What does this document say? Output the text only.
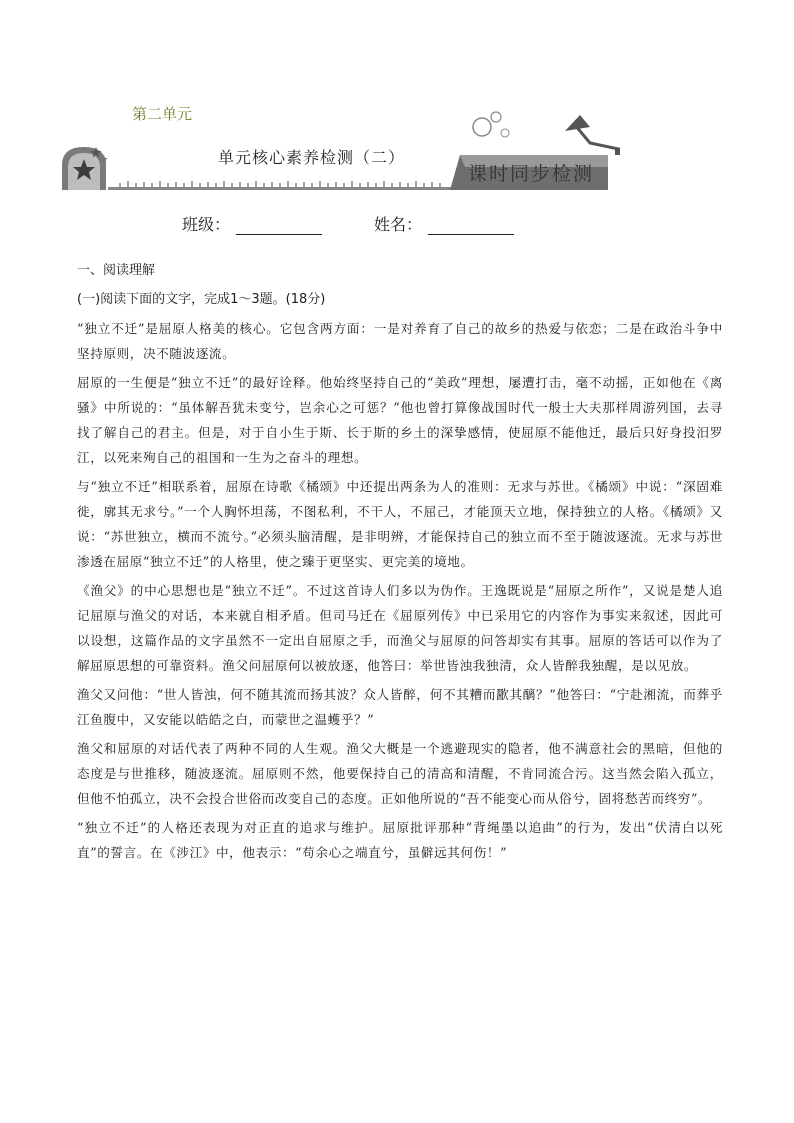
第二单元
单元核心素养检测（二）
课时同步检测
班级：	姓名：

一、阅读理解

(一)阅读下面的文字，完成1～3题。(18分)

“独立不迁”是屈原人格美的核心。它包含两方面：一是对养育了自己的故乡的热爱与依恋；二是在政治斗争中坚持原则，决不随波逐流。

屈原的一生便是“独立不迁”的最好诠释。他始终坚持自己的“美政”理想，屡遭打击，毫不动摇，正如他在《离骚》中所说的：“虽体解吾犹未变兮，岂余心之可惩？”他也曾打算像战国时代一般士大夫那样周游列国，去寻找了解自己的君主。但是，对于自小生于斯、长于斯的乡土的深挚感情，使屈原不能他迁，最后只好身投汨罗江，以死来殉自己的祖国和一生为之奋斗的理想。

与“独立不迁”相联系着，屈原在诗歌《橘颂》中还提出两条为人的准则：无求与苏世。《橘颂》中说：“深固难徙，廓其无求兮。”一个人胸怀坦荡，不图私利，不干人，不屈己，才能顶天立地，保持独立的人格。《橘颂》又说：“苏世独立，横而不流兮。”必须头脑清醒，是非明辨，才能保持自己的独立而不至于随波逐流。无求与苏世渗透在屈原“独立不迁”的人格里，使之臻于更坚实、更完美的境地。

《渔父》的中心思想也是“独立不迁”。不过这首诗人们多以为伪作。王逸既说是“屈原之所作”，又说是楚人追记屈原与渔父的对话，本来就自相矛盾。但司马迁在《屈原列传》中已采用它的内容作为事实来叙述，因此可以设想，这篇作品的文字虽然不一定出自屈原之手，而渔父与屈原的问答却实有其事。屈原的答话可以作为了解屈原思想的可靠资料。渔父问屈原何以被放逐，他答曰：举世皆浊我独清，众人皆醉我独醒，是以见放。

渔父又问他：“世人皆浊，何不随其流而扬其波？众人皆醉，何不其糟而歠其醨？”他答曰：“宁赴湘流，而葬乎江鱼腹中，又安能以皓皓之白，而蒙世之温蠖乎？”

渔父和屈原的对话代表了两种不同的人生观。渔父大概是一个逃避现实的隐者，他不满意社会的黑暗，但他的态度是与世推移，随波逐流。屈原则不然，他要保持自己的清高和清醒，不肯同流合污。这当然会陷入孤立，但他不怕孤立，决不会投合世俗而改变自己的态度。正如他所说的“吾不能变心而从俗兮，固将愁苦而终穷”。

“独立不迁”的人格还表现为对正直的追求与维护。屈原批评那种“背绳墨以追曲”的行为，发出“伏清白以死直”的誓言。在《涉江》中，他表示：“苟余心之端直兮，虽僻远其何伤！”
